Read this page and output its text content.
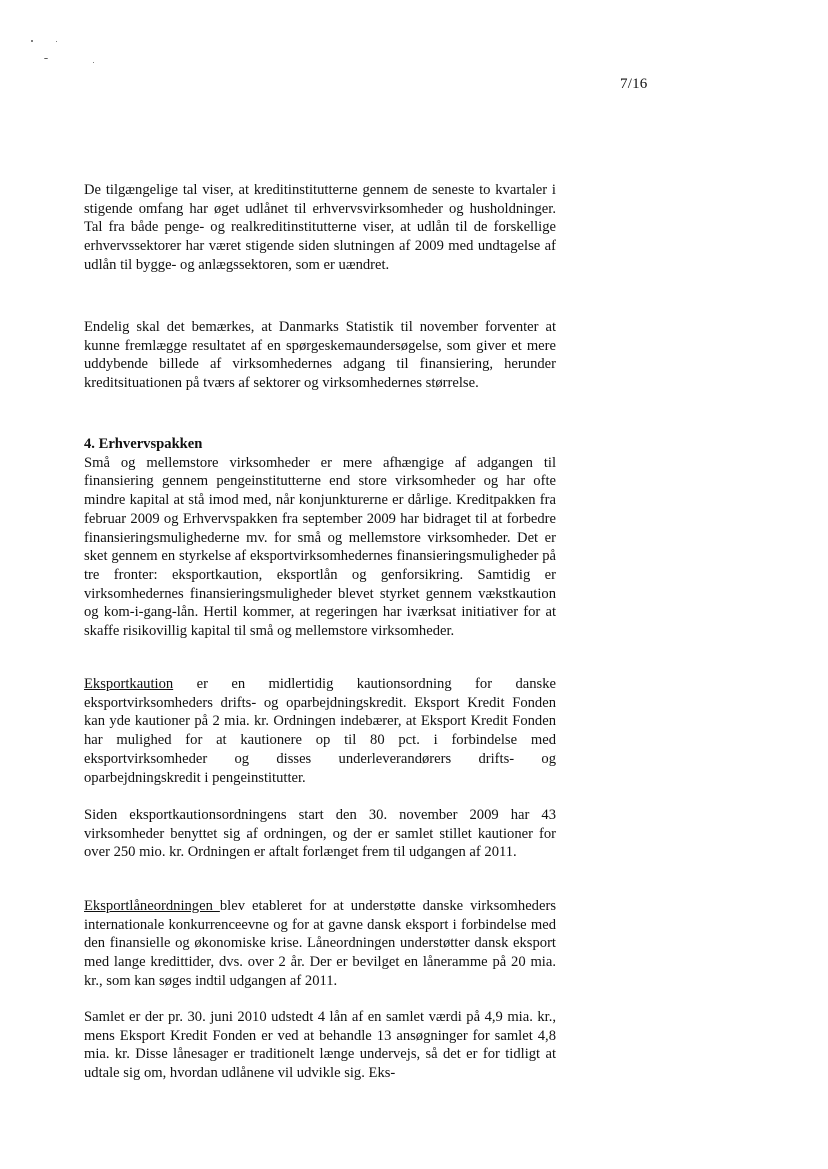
7/16

De tilgængelige tal viser, at kreditinstitutterne gennem de seneste to kvartaler i stigende omfang har øget udlånet til erhvervsvirksomheder og husholdninger. Tal fra både penge- og realkreditinstitutterne viser, at udlån til de forskellige erhvervssektorer har været stigende siden slutningen af 2009 med undtagelse af udlån til bygge- og anlægssektoren, som er uændret.

Endelig skal det bemærkes, at Danmarks Statistik til november forventer at kunne fremlægge resultatet af en spørgeskemaundersøgelse, som giver et mere uddybende billede af virksomhedernes adgang til finansiering, herunder kreditsituationen på tværs af sektorer og virksomhedernes størrelse.

4. Erhvervspakken

Små og mellemstore virksomheder er mere afhængige af adgangen til finansiering gennem pengeinstitutterne end store virksomheder og har ofte mindre kapital at stå imod med, når konjunkturerne er dårlige. Kreditpakken fra februar 2009 og Erhvervspakken fra september 2009 har bidraget til at forbedre finansieringsmulighederne mv. for små og mellemstore virksomheder. Det er sket gennem en styrkelse af eksportvirksomhedernes finansieringsmuligheder på tre fronter: eksportkaution, eksportlån og genforsikring. Samtidig er virksomhedernes finansieringsmuligheder blevet styrket gennem vækstkaution og kom-i-gang-lån. Hertil kommer, at regeringen har iværksat initiativer for at skaffe risikovillig kapital til små og mellemstore virksomheder.

Eksportkaution er en midlertidig kautionsordning for danske eksportvirksomheders drifts- og oparbejdningskredit. Eksport Kredit Fonden kan yde kautioner på 2 mia. kr. Ordningen indebærer, at Eksport Kredit Fonden har mulighed for at kautionere op til 80 pct. i forbindelse med eksportvirksomheder og disses underleverandørers drifts- og oparbejdningskredit i pengeinstitutter.

Siden eksportkautionsordningens start den 30. november 2009 har 43 virksomheder benyttet sig af ordningen, og der er samlet stillet kautioner for over 250 mio. kr. Ordningen er aftalt forlænget frem til udgangen af 2011.

Eksportlåneordningen blev etableret for at understøtte danske virksomheders internationale konkurrenceevne og for at gavne dansk eksport i forbindelse med den finansielle og økonomiske krise. Låneordningen understøtter dansk eksport med lange kredittider, dvs. over 2 år. Der er bevilget en låneramme på 20 mia. kr., som kan søges indtil udgangen af 2011.

Samlet er der pr. 30. juni 2010 udstedt 4 lån af en samlet værdi på 4,9 mia. kr., mens Eksport Kredit Fonden er ved at behandle 13 ansøgninger for samlet 4,8 mia. kr. Disse lånesager er traditionelt længe undervejs, så det er for tidligt at udtale sig om, hvordan udlånene vil udvikle sig. Eks-
